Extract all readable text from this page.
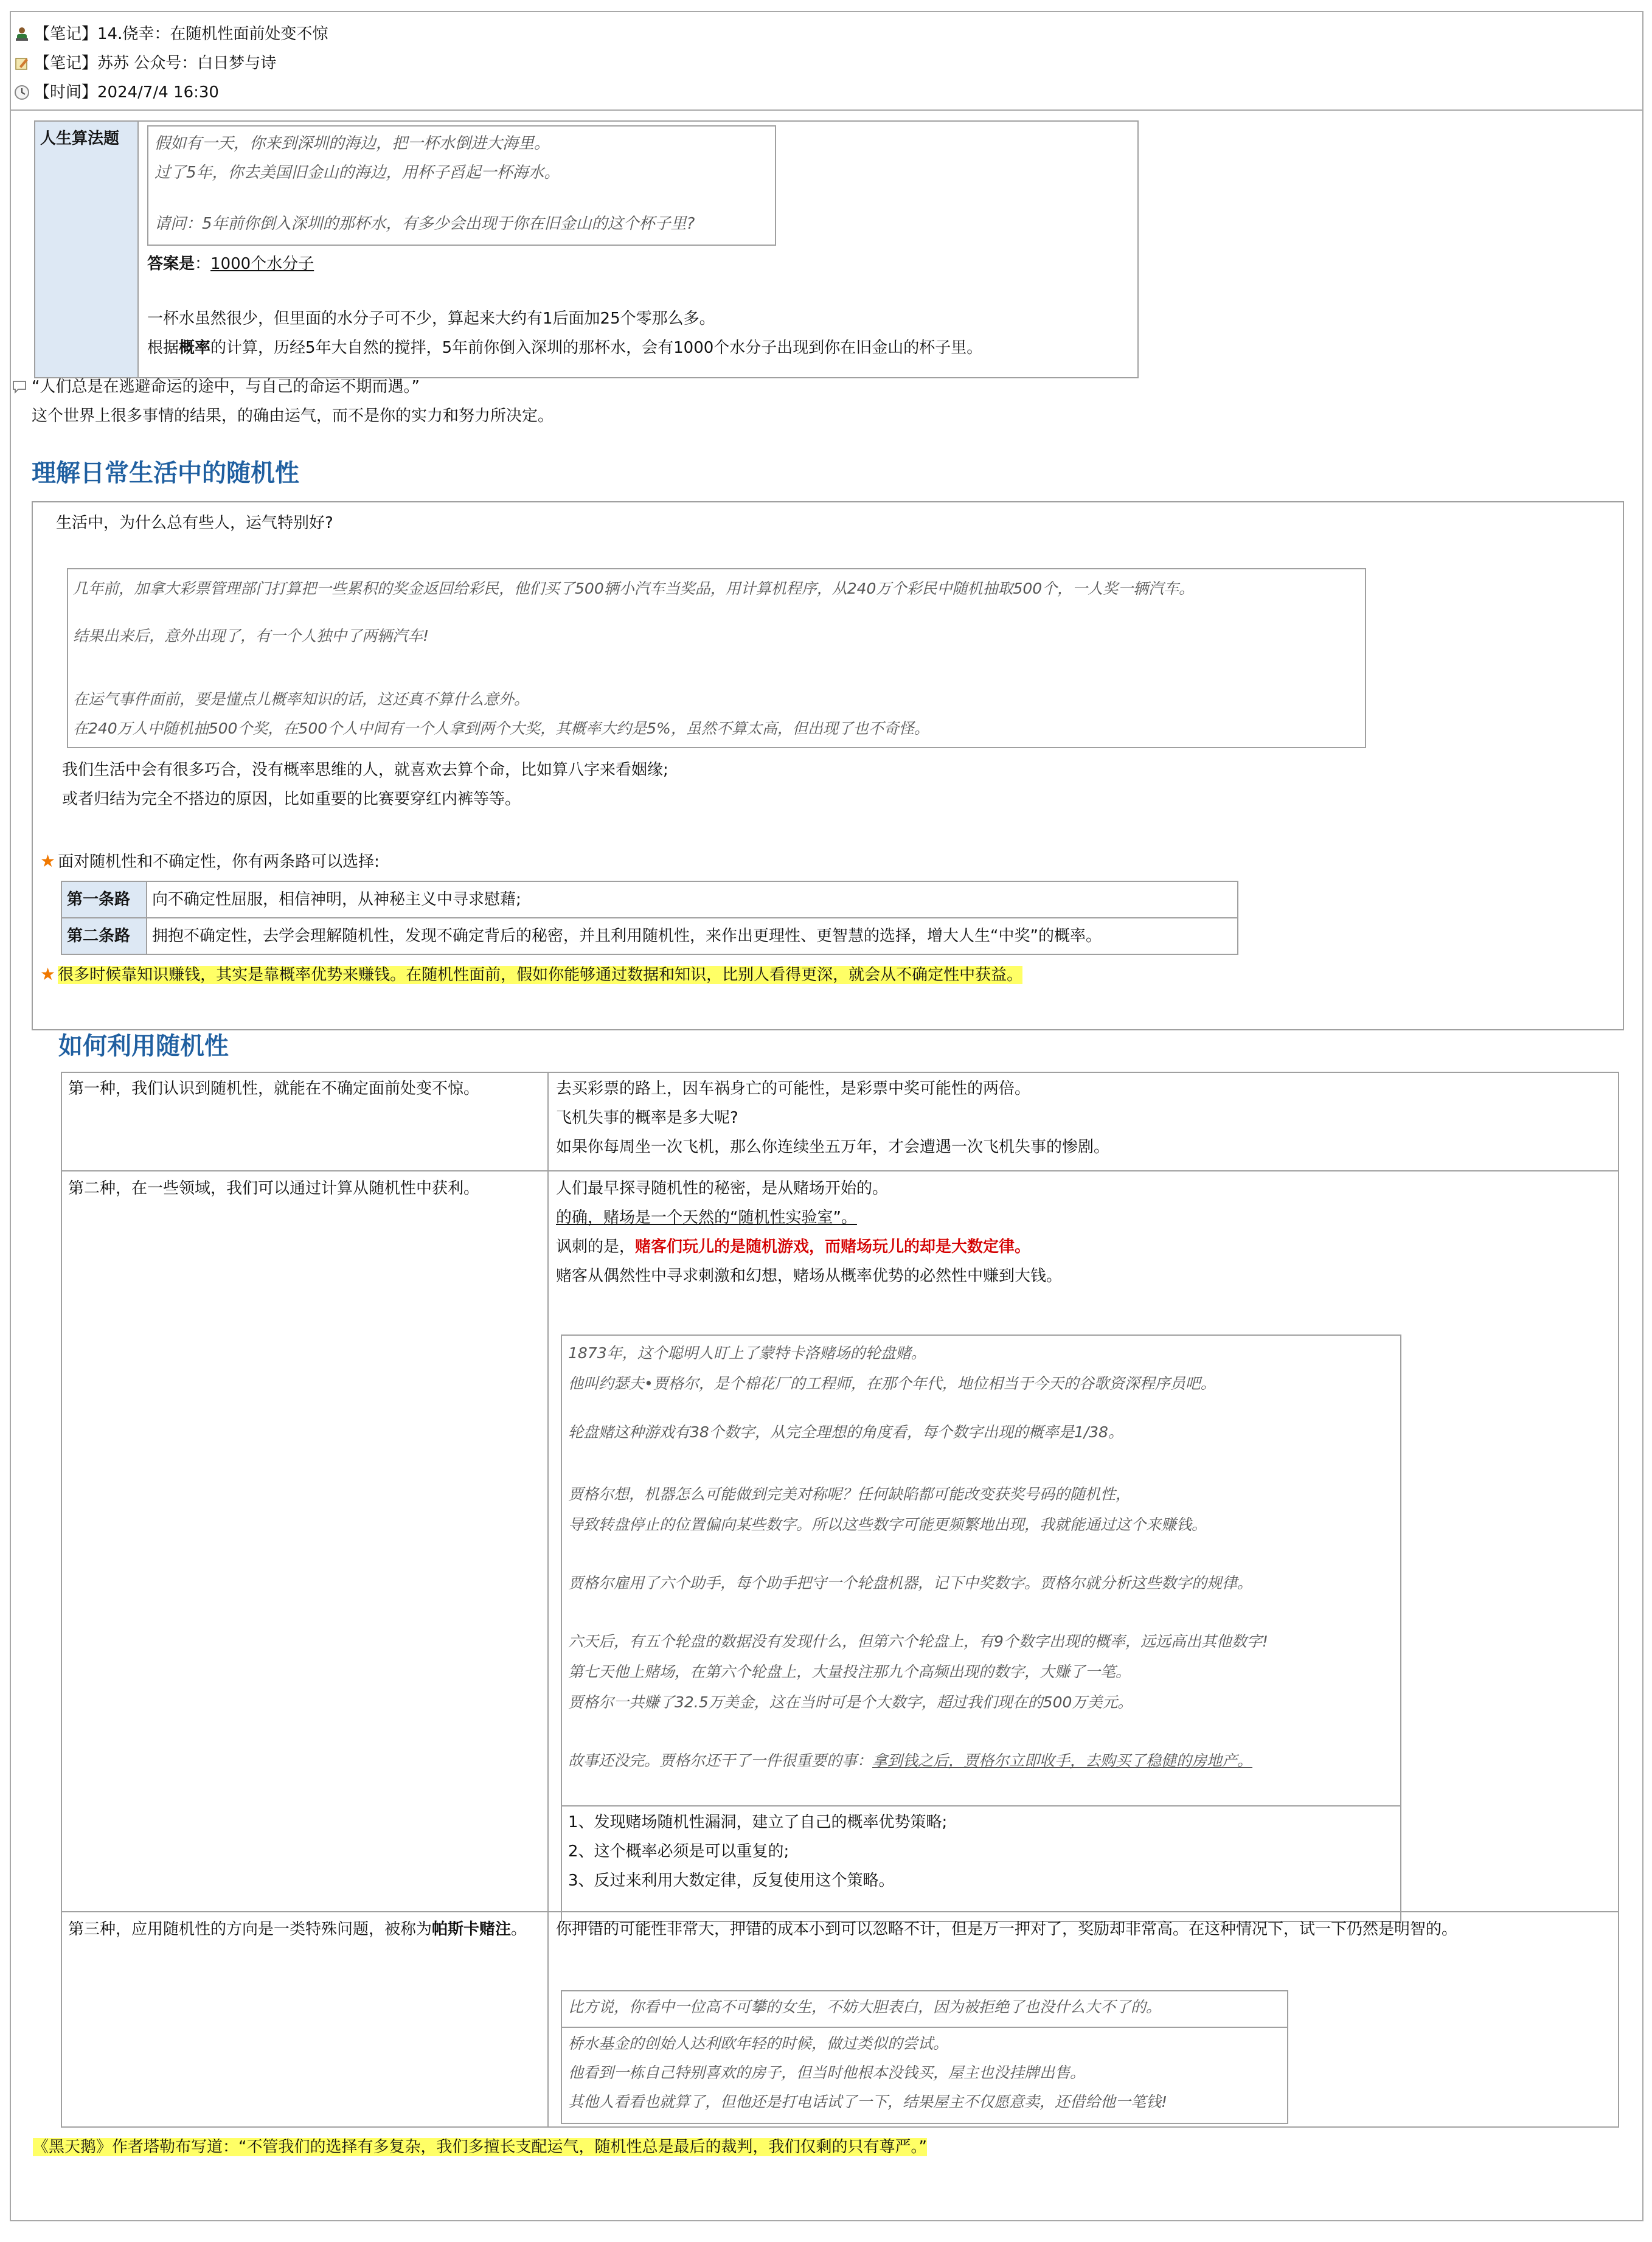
【笔记】14.侥幸：在随机性面前处变不惊
【笔记】苏苏 公众号：白日梦与诗
【时间】2024/7/4 16:30
人生算法题	假如有一天，你来到深圳的海边，把一杯水倒进大海里。
过了5年，你去美国旧金山的海边，用杯子舀起一杯海水。
请问：5年前你倒入深圳的那杯水，有多少会出现于你在旧金山的这个杯子里?
答案是：1000个水分子
一杯水虽然很少，但里面的水分子可不少，算起来大约有1后面加25个零那么多。
根据概率的计算，历经5年大自然的搅拌，5年前你倒入深圳的那杯水，会有1000个水分子出现到你在旧金山的杯子里。
“人们总是在逃避命运的途中，与自己的命运不期而遇。”
这个世界上很多事情的结果，的确由运气，而不是你的实力和努力所决定。
理解日常生活中的随机性
生活中，为什么总有些人，运气特别好?
几年前，加拿大彩票管理部门打算把一些累积的奖金返回给彩民，他们买了500辆小汽车当奖品，用计算机程序，从240万个彩民中随机抽取500个，一人奖一辆汽车。
结果出来后，意外出现了，有一个人独中了两辆汽车!
在运气事件面前，要是懂点儿概率知识的话，这还真不算什么意外。
在240万人中随机抽500个奖，在500个人中间有一个人拿到两个大奖，其概率大约是5%，虽然不算太高，但出现了也不奇怪。
我们生活中会有很多巧合，没有概率思维的人，就喜欢去算个命，比如算八字来看姻缘;
或者归结为完全不搭边的原因，比如重要的比赛要穿红内裤等等。
★ 面对随机性和不确定性，你有两条路可以选择:
★ 很多时候靠知识赚钱，其实是靠概率优势来赚钱。在随机性面前，假如你能够通过数据和知识，比别人看得更深，就会从不确定性中获益。
第一条路	向不确定性屈服，相信神明，从神秘主义中寻求慰藉;
第二条路	拥抱不确定性，去学会理解随机性，发现不确定背后的秘密，并且利用随机性，来作出更理性、更智慧的选择，增大人生“中奖”的概率。
如何利用随机性
第一种，我们认识到随机性，就能在不确定面前处变不惊。	去买彩票的路上，因车祸身亡的可能性，是彩票中奖可能性的两倍。
飞机失事的概率是多大呢?
如果你每周坐一次飞机，那么你连续坐五万年，才会遭遇一次飞机失事的惨剧。
第二种，在一些领域，我们可以通过计算从随机性中获利。	人们最早探寻随机性的秘密，是从赌场开始的。
的确，赌场是一个天然的“随机性实验室”。
讽刺的是，赌客们玩儿的是随机游戏，而赌场玩儿的却是大数定律。
赌客从偶然性中寻求刺激和幻想，赌场从概率优势的必然性中赚到大钱。
1873年，这个聪明人盯上了蒙特卡洛赌场的轮盘赌。
他叫约瑟夫•贾格尔，是个棉花厂的工程师，在那个年代，地位相当于今天的谷歌资深程序员吧。
轮盘赌这种游戏有38个数字，从完全理想的角度看，每个数字出现的概率是1/38。
贾格尔想，机器怎么可能做到完美对称呢？任何缺陷都可能改变获奖号码的随机性，
导致转盘停止的位置偏向某些数字。所以这些数字可能更频繁地出现，我就能通过这个来赚钱。
贾格尔雇用了六个助手，每个助手把守一个轮盘机器，记下中奖数字。贾格尔就分析这些数字的规律。
六天后，有五个轮盘的数据没有发现什么，但第六个轮盘上，有9个数字出现的概率，远远高出其他数字!
第七天他上赌场，在第六个轮盘上，大量投注那九个高频出现的数字，大赚了一笔。
贾格尔一共赚了32.5万美金，这在当时可是个大数字，超过我们现在的500万美元。
故事还没完。贾格尔还干了一件很重要的事：拿到钱之后，贾格尔立即收手，去购买了稳健的房地产。
1、发现赌场随机性漏洞，建立了自己的概率优势策略;
2、这个概率必须是可以重复的;
3、反过来利用大数定律，反复使用这个策略。
第三种，应用随机性的方向是一类特殊问题，被称为帕斯卡赌注。	你押错的可能性非常大，押错的成本小到可以忽略不计，但是万一押对了，奖励却非常高。在这种情况下，试一下仍然是明智的。
比方说，你看中一位高不可攀的女生，不妨大胆表白，因为被拒绝了也没什么大不了的。
桥水基金的创始人达利欧年轻的时候，做过类似的尝试。
他看到一栋自己特别喜欢的房子，但当时他根本没钱买，屋主也没挂牌出售。
其他人看看也就算了，但他还是打电话试了一下，结果屋主不仅愿意卖，还借给他一笔钱!
《黑天鹅》作者塔勒布写道：“不管我们的选择有多复杂，我们多擅长支配运气，随机性总是最后的裁判，我们仅剩的只有尊严。”
